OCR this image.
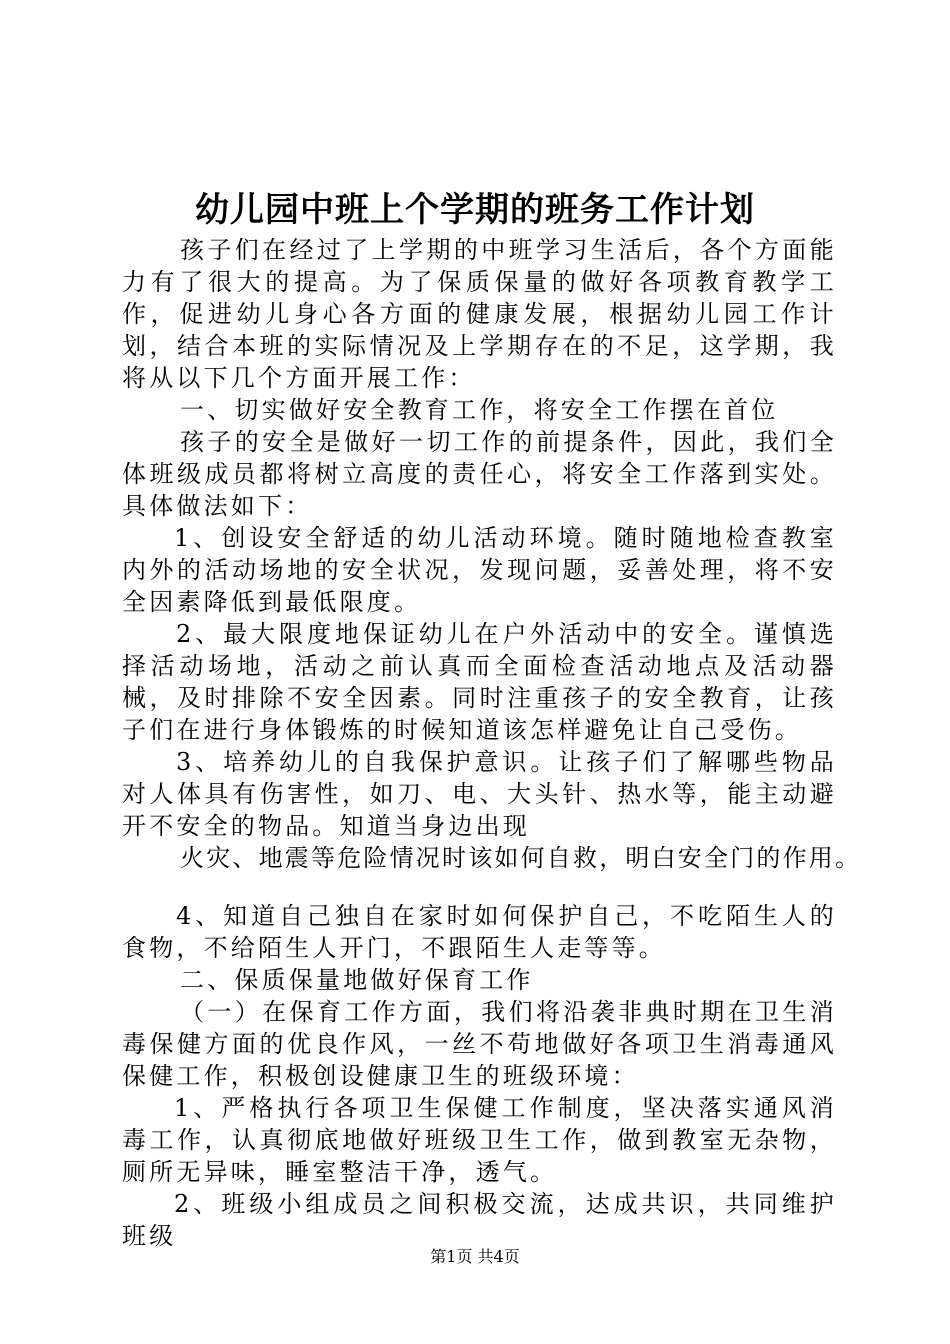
幼儿园中班上个学期的班务工作计划

孩子们在经过了上学期的中班学习生活后，各个方面能力有了很大的提高。为了保质保量的做好各项教育教学工作，促进幼儿身心各方面的健康发展，根据幼儿园工作计划，结合本班的实际情况及上学期存在的不足，这学期，我将从以下几个方面开展工作：

一、切实做好安全教育工作，将安全工作摆在首位

孩子的安全是做好一切工作的前提条件，因此，我们全体班级成员都将树立高度的责任心，将安全工作落到实处。具体做法如下：

1、创设安全舒适的幼儿活动环境。随时随地检查教室内外的活动场地的安全状况，发现问题，妥善处理，将不安全因素降低到最低限度。

2、最大限度地保证幼儿在户外活动中的安全。谨慎选择活动场地，活动之前认真而全面检查活动地点及活动器械，及时排除不安全因素。同时注重孩子的安全教育，让孩子们在进行身体锻炼的时候知道该怎样避免让自己受伤。

3、培养幼儿的自我保护意识。让孩子们了解哪些物品对人体具有伤害性，如刀、电、大头针、热水等，能主动避开不安全的物品。知道当身边出现

火灾、地震等危险情况时该如何自救，明白安全门的作用。

4、知道自己独自在家时如何保护自己，不吃陌生人的食物，不给陌生人开门，不跟陌生人走等等。

二、保质保量地做好保育工作

（一）在保育工作方面，我们将沿袭非典时期在卫生消毒保健方面的优良作风，一丝不苟地做好各项卫生消毒通风保健工作，积极创设健康卫生的班级环境：

1、严格执行各项卫生保健工作制度，坚决落实通风消毒工作，认真彻底地做好班级卫生工作，做到教室无杂物，厕所无异味，睡室整洁干净，透气。

2、班级小组成员之间积极交流，达成共识，共同维护班级

第1页 共4页
